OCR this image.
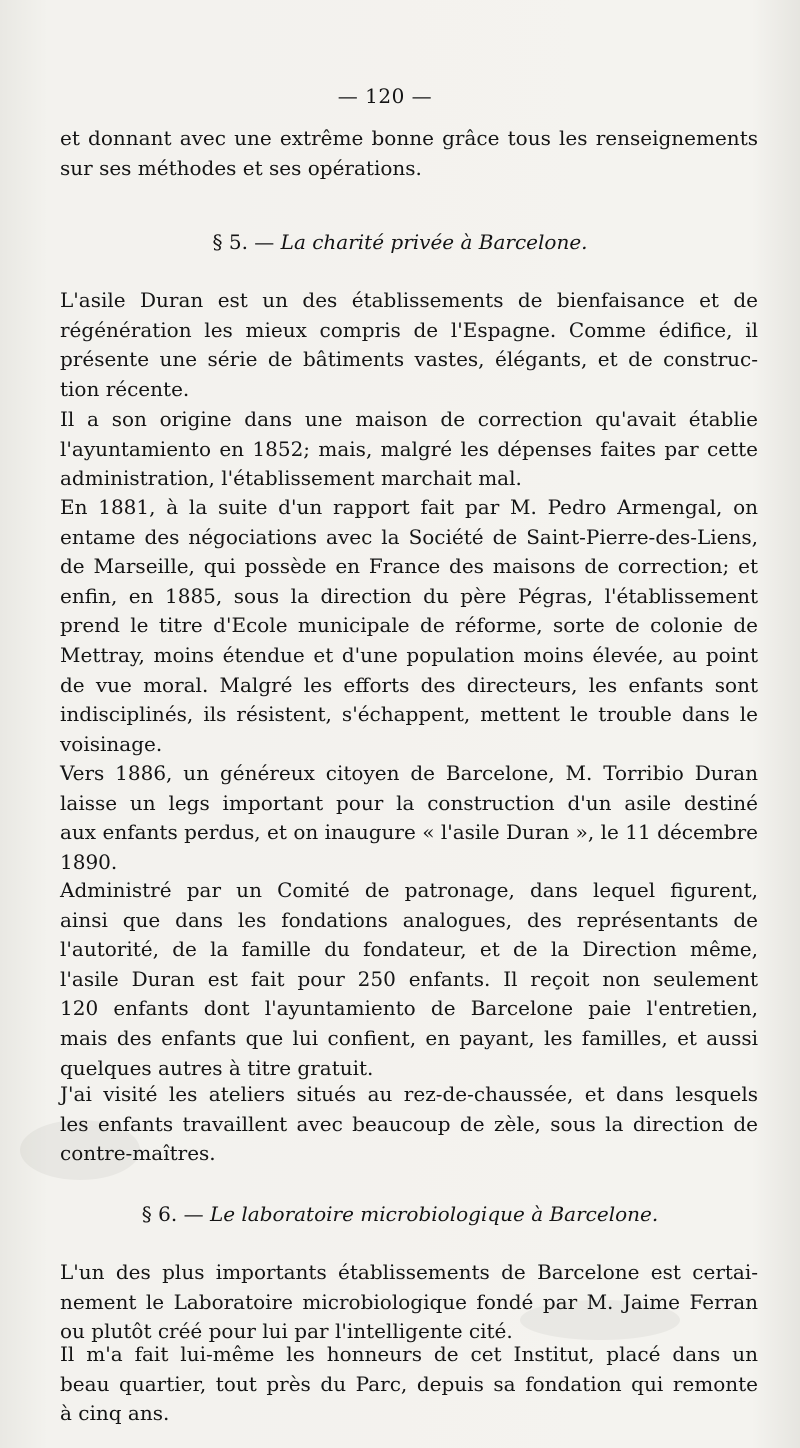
— 120 —
et donnant avec une extrême bonne grâce tous les renseignements
sur ses méthodes et ses opérations.
§ 5. — La charité privée à Barcelone.
L'asile Duran est un des établissements de bienfaisance et de
régénération les mieux compris de l'Espagne. Comme édifice, il
présente une série de bâtiments vastes, élégants, et de construc-
tion récente.
Il a son origine dans une maison de correction qu'avait établie
l'ayuntamiento en 1852; mais, malgré les dépenses faites par cette
administration, l'établissement marchait mal.
En 1881, à la suite d'un rapport fait par M. Pedro Armengal, on
entame des négociations avec la Société de Saint-Pierre-des-Liens,
de Marseille, qui possède en France des maisons de correction; et
enfin, en 1885, sous la direction du père Pégras, l'établissement
prend le titre d'Ecole municipale de réforme, sorte de colonie de
Mettray, moins étendue et d'une population moins élevée, au point
de vue moral. Malgré les efforts des directeurs, les enfants sont
indisciplinés, ils résistent, s'échappent, mettent le trouble dans le
voisinage.
Vers 1886, un généreux citoyen de Barcelone, M. Torribio Duran
laisse un legs important pour la construction d'un asile destiné
aux enfants perdus, et on inaugure « l'asile Duran », le 11 décembre
1890.
Administré par un Comité de patronage, dans lequel figurent,
ainsi que dans les fondations analogues, des représentants de
l'autorité, de la famille du fondateur, et de la Direction même,
l'asile Duran est fait pour 250 enfants. Il reçoit non seulement
120 enfants dont l'ayuntamiento de Barcelone paie l'entretien,
mais des enfants que lui confient, en payant, les familles, et aussi
quelques autres à titre gratuit.
J'ai visité les ateliers situés au rez-de-chaussée, et dans lesquels
les enfants travaillent avec beaucoup de zèle, sous la direction de
contre-maîtres.
§ 6. — Le laboratoire microbiologique à Barcelone.
L'un des plus importants établissements de Barcelone est certai-
nement le Laboratoire microbiologique fondé par M. Jaime Ferran
ou plutôt créé pour lui par l'intelligente cité.
Il m'a fait lui-même les honneurs de cet Institut, placé dans un
beau quartier, tout près du Parc, depuis sa fondation qui remonte
à cinq ans.
